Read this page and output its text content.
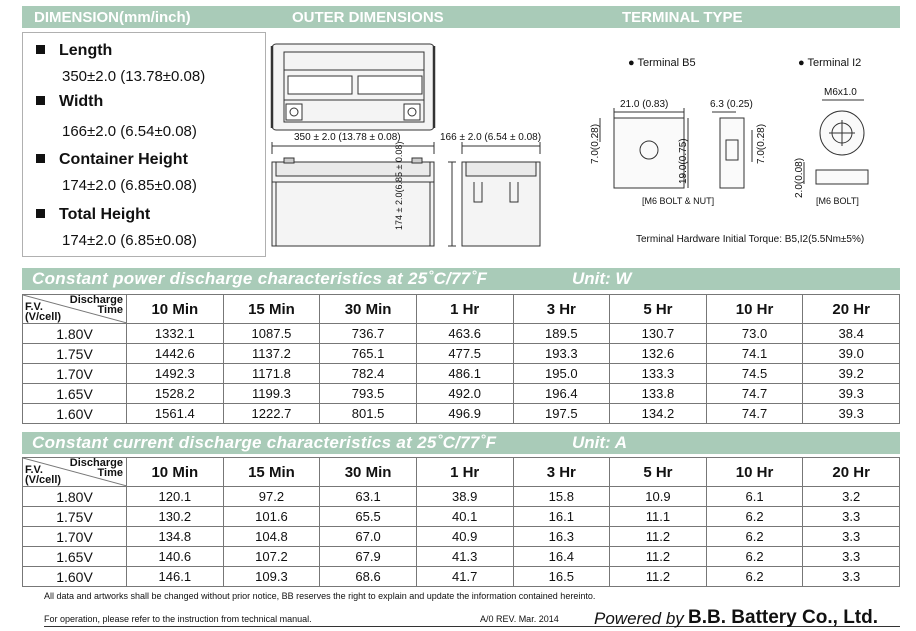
DIMENSION(mm/inch)	OUTER DIMENSIONS	TERMINAL TYPE
Length
350±2.0 (13.78±0.08)
Width
166±2.0 (6.54±0.08)
Container Height
174±2.0 (6.85±0.08)
Total Height
174±2.0 (6.85±0.08)
350 ± 2.0 (13.78 ± 0.08)	166 ± 2.0 (6.54 ± 0.08)
174 ± 2.0(6.85 ± 0.08)
● Terminal B5	● Terminal I2
21.0 (0.83)	6.3 (0.25)
7.0(0.28)	19.0(0.75)	7.0(0.28)
[M6 BOLT & NUT]
M6x1.0
2.0(0.08)
[M6 BOLT]
Terminal Hardware Initial Torque: B5,I2(5.5Nm±5%)
Constant power discharge characteristics at 25˚C/77˚F	Unit: W
Discharge
Time
F.V.
(V/cell)	10 Min	15 Min	30 Min	1 Hr	3 Hr	5 Hr	10 Hr	20 Hr
1.80V	1332.1	1087.5	736.7	463.6	189.5	130.7	73.0	38.4
1.75V	1442.6	1137.2	765.1	477.5	193.3	132.6	74.1	39.0
1.70V	1492.3	1171.8	782.4	486.1	195.0	133.3	74.5	39.2
1.65V	1528.2	1199.3	793.5	492.0	196.4	133.8	74.7	39.3
1.60V	1561.4	1222.7	801.5	496.9	197.5	134.2	74.7	39.3
Constant current discharge characteristics at 25˚C/77˚F	Unit: A
Discharge
Time
F.V.
(V/cell)	10 Min	15 Min	30 Min	1 Hr	3 Hr	5 Hr	10 Hr	20 Hr
1.80V	120.1	97.2	63.1	38.9	15.8	10.9	6.1	3.2
1.75V	130.2	101.6	65.5	40.1	16.1	11.1	6.2	3.3
1.70V	134.8	104.8	67.0	40.9	16.3	11.2	6.2	3.3
1.65V	140.6	107.2	67.9	41.3	16.4	11.2	6.2	3.3
1.60V	146.1	109.3	68.6	41.7	16.5	11.2	6.2	3.3
All data and artworks shall be changed without prior notice, BB reserves the right to explain and update the information contained hereinto.
For operation, please refer to the instruction from technical manual.	A/0 REV. Mar. 2014 Powered by B.B. Battery Co., Ltd.
